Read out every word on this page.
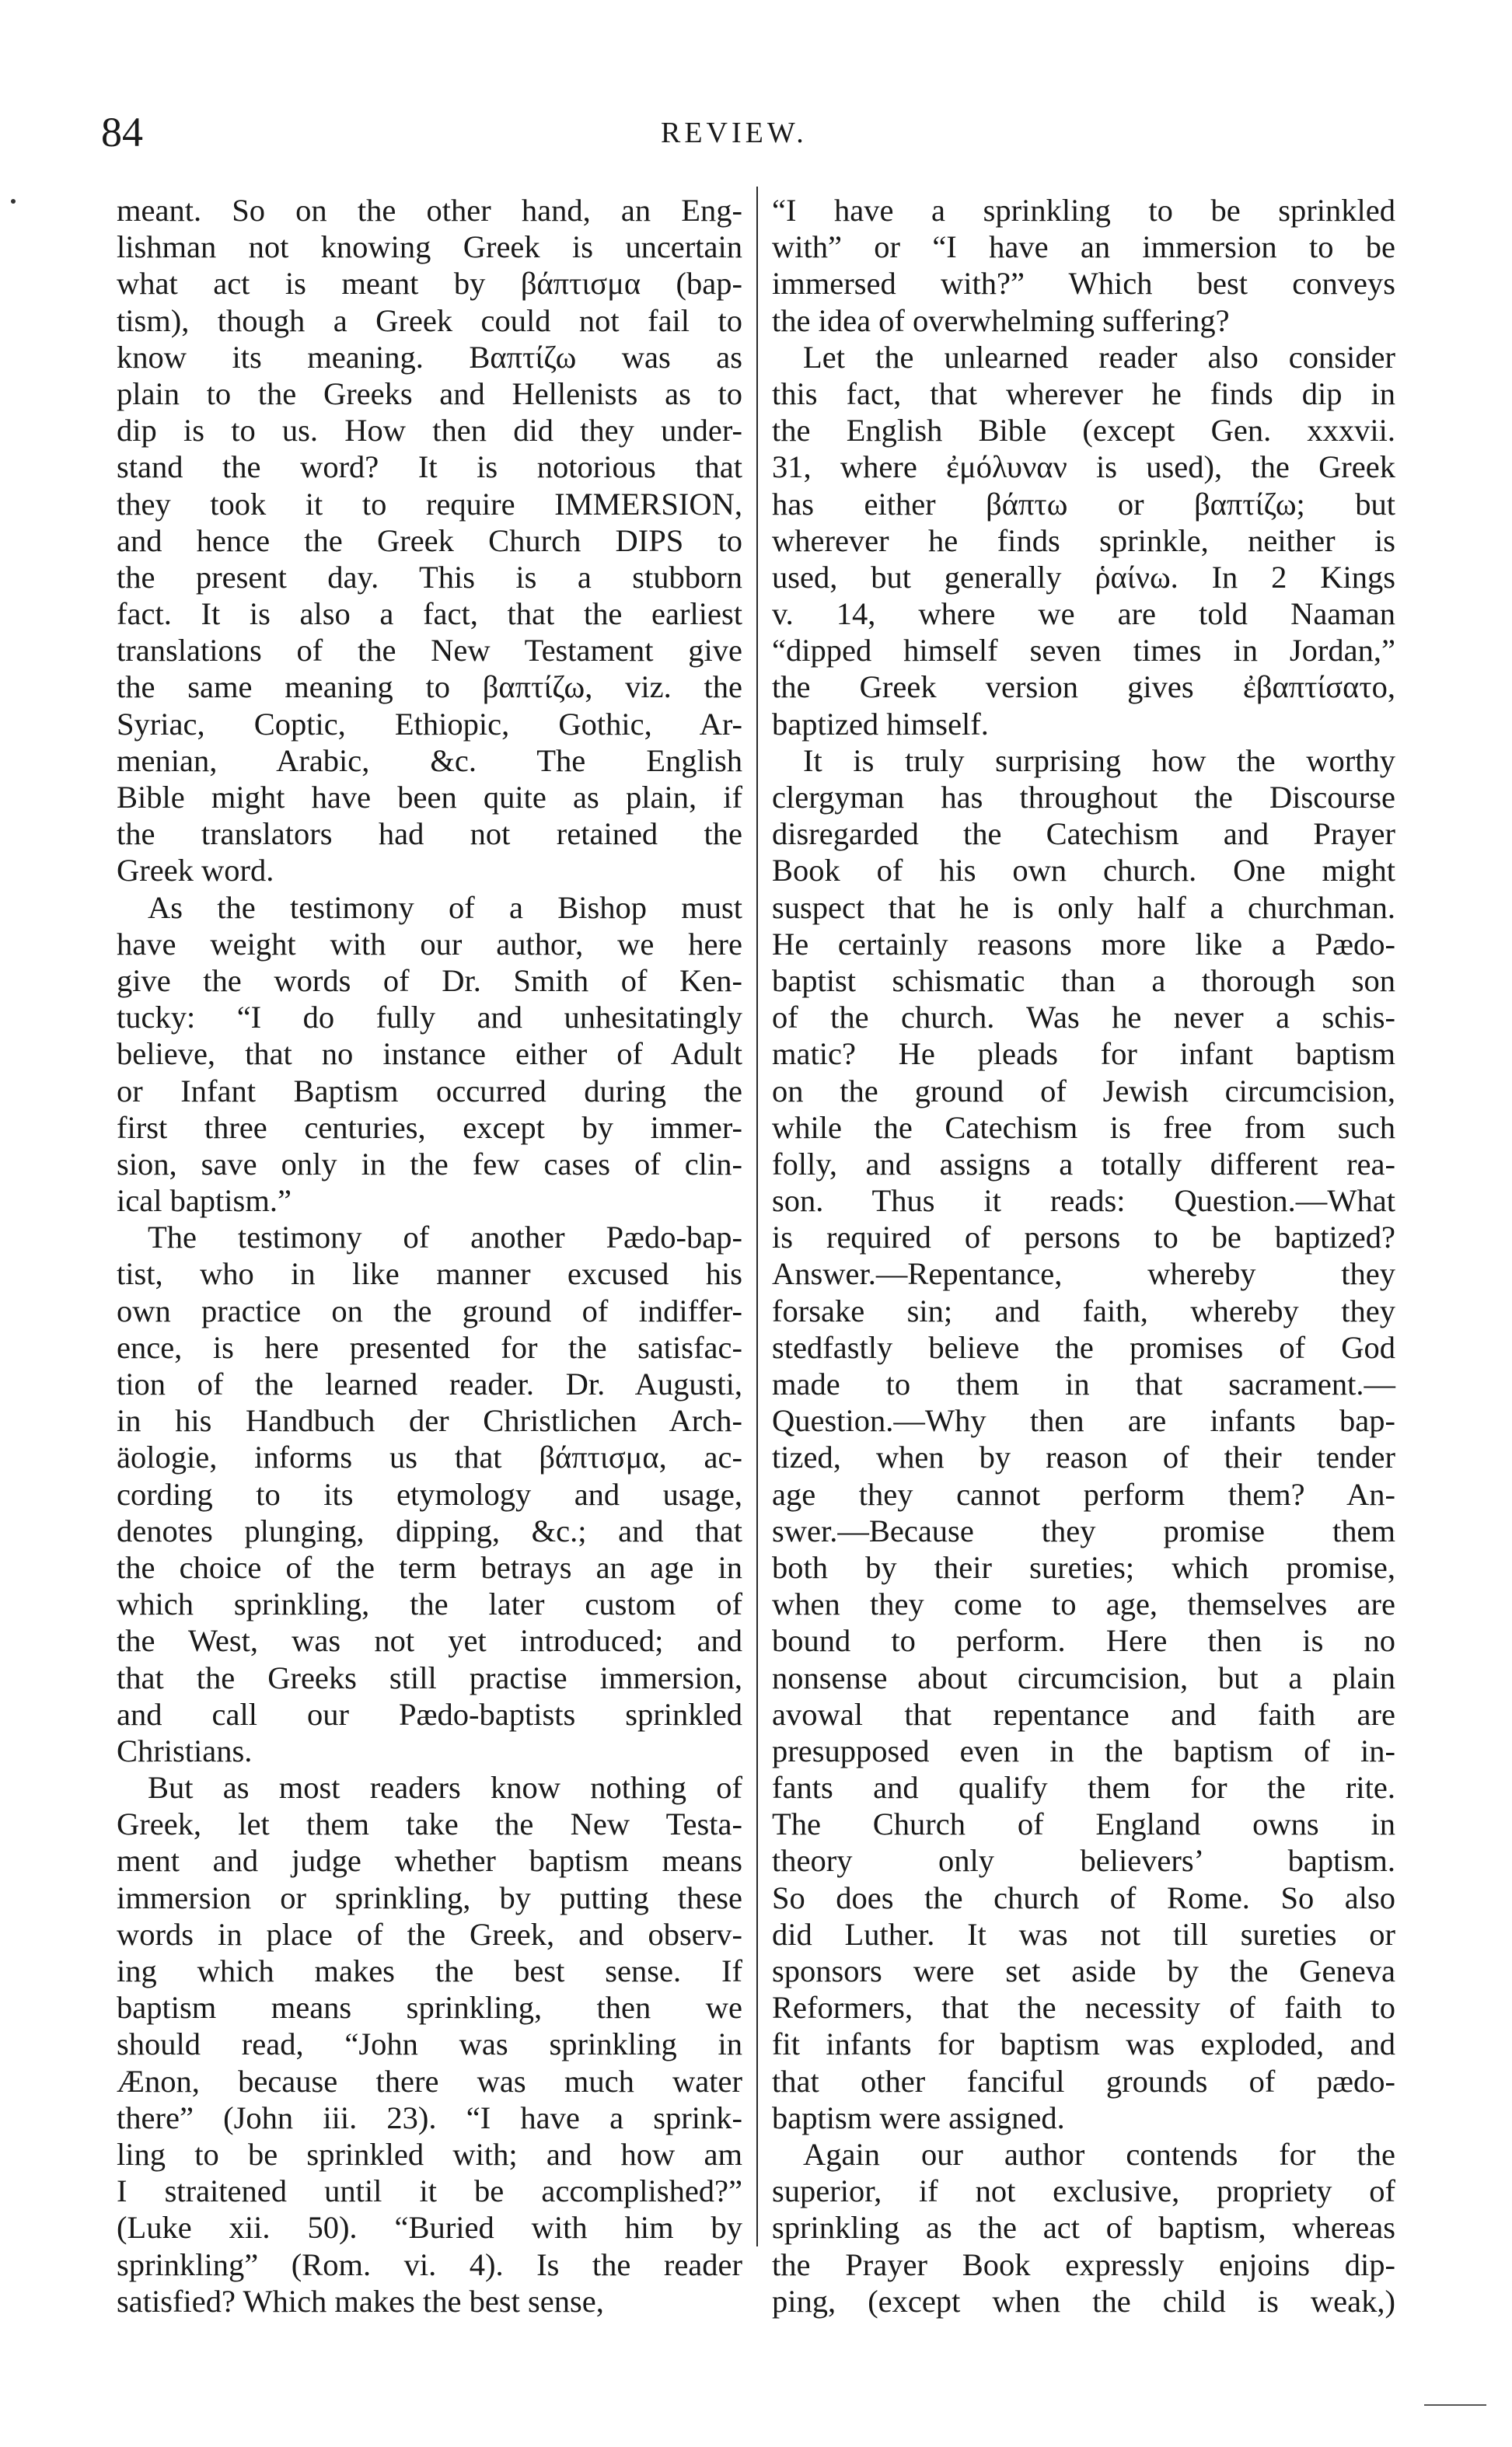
84	REVIEW.
meant. So on the other hand, an Eng-
lishman not knowing Greek is uncertain
what act is meant by βάπτισμα (bap-
tism), though a Greek could not fail to
know its meaning. Βαπτίζω was as
plain to the Greeks and Hellenists as to
dip is to us. How then did they under-
stand the word? It is notorious that
they took it to require IMMERSION,
and hence the Greek Church DIPS to
the present day. This is a stubborn
fact. It is also a fact, that the earliest
translations of the New Testament give
the same meaning to βαπτίζω, viz. the
Syriac, Coptic, Ethiopic, Gothic, Ar-
menian, Arabic, &c. The English
Bible might have been quite as plain, if
the translators had not retained the
Greek word.
As the testimony of a Bishop must
have weight with our author, we here
give the words of Dr. Smith of Ken-
tucky: “I do fully and unhesitatingly
believe, that no instance either of Adult
or Infant Baptism occurred during the
first three centuries, except by immer-
sion, save only in the few cases of clin-
ical baptism.”
The testimony of another Pædo-bap-
tist, who in like manner excused his
own practice on the ground of indiffer-
ence, is here presented for the satisfac-
tion of the learned reader. Dr. Augusti,
in his Handbuch der Christlichen Arch-
äologie, informs us that βάπτισμα, ac-
cording to its etymology and usage,
denotes plunging, dipping, &c.; and that
the choice of the term betrays an age in
which sprinkling, the later custom of
the West, was not yet introduced; and
that the Greeks still practise immersion,
and call our Pædo-baptists sprinkled
Christians.
But as most readers know nothing of
Greek, let them take the New Testa-
ment and judge whether baptism means
immersion or sprinkling, by putting these
words in place of the Greek, and observ-
ing which makes the best sense. If
baptism means sprinkling, then we
should read, “John was sprinkling in
Ænon, because there was much water
there” (John iii. 23). “I have a sprink-
ling to be sprinkled with; and how am
I straitened until it be accomplished?”
(Luke xii. 50). “Buried with him by
sprinkling” (Rom. vi. 4). Is the reader
satisfied? Which makes the best sense,
“I have a sprinkling to be sprinkled
with” or “I have an immersion to be
immersed with?” Which best conveys
the idea of overwhelming suffering?
Let the unlearned reader also consider
this fact, that wherever he finds dip in
the English Bible (except Gen. xxxvii.
31, where ἐμόλυναν is used), the Greek
has either βάπτω or βαπτίζω; but
wherever he finds sprinkle, neither is
used, but generally ῥαίνω. In 2 Kings
v. 14, where we are told Naaman
“dipped himself seven times in Jordan,”
the Greek version gives ἐβαπτίσατο,
baptized himself.
It is truly surprising how the worthy
clergyman has throughout the Discourse
disregarded the Catechism and Prayer
Book of his own church. One might
suspect that he is only half a churchman.
He certainly reasons more like a Pædo-
baptist schismatic than a thorough son
of the church. Was he never a schis-
matic? He pleads for infant baptism
on the ground of Jewish circumcision,
while the Catechism is free from such
folly, and assigns a totally different rea-
son. Thus it reads: Question.—What
is required of persons to be baptized?
Answer.—Repentance, whereby they
forsake sin; and faith, whereby they
stedfastly believe the promises of God
made to them in that sacrament.—
Question.—Why then are infants bap-
tized, when by reason of their tender
age they cannot perform them? An-
swer.—Because they promise them
both by their sureties; which promise,
when they come to age, themselves are
bound to perform. Here then is no
nonsense about circumcision, but a plain
avowal that repentance and faith are
presupposed even in the baptism of in-
fants and qualify them for the rite.
The Church of England owns in
theory only believers’ baptism.
So does the church of Rome. So also
did Luther. It was not till sureties or
sponsors were set aside by the Geneva
Reformers, that the necessity of faith to
fit infants for baptism was exploded, and
that other fanciful grounds of pædo-
baptism were assigned.
Again our author contends for the
superior, if not exclusive, propriety of
sprinkling as the act of baptism, whereas
the Prayer Book expressly enjoins dip-
ping, (except when the child is weak,)
